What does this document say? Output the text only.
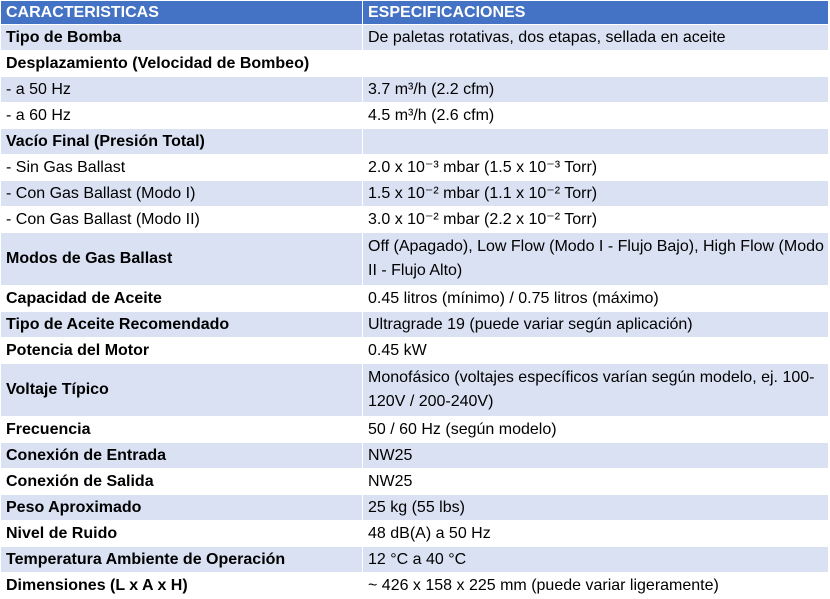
CARACTERISTICAS	ESPECIFICACIONES
Tipo de Bomba	De paletas rotativas, dos etapas, sellada en aceite
Desplazamiento (Velocidad de Bombeo)	
- a 50 Hz	3.7 m³/h (2.2 cfm)
- a 60 Hz	4.5 m³/h (2.6 cfm)
Vacío Final (Presión Total)	
- Sin Gas Ballast	2.0 x 10⁻³ mbar (1.5 x 10⁻³ Torr)
- Con Gas Ballast (Modo I)	1.5 x 10⁻² mbar (1.1 x 10⁻² Torr)
- Con Gas Ballast (Modo II)	3.0 x 10⁻² mbar (2.2 x 10⁻² Torr)
Modos de Gas Ballast	Off (Apagado), Low Flow (Modo I - Flujo Bajo), High Flow (Modo II - Flujo Alto)
Capacidad de Aceite	0.45 litros (mínimo) / 0.75 litros (máximo)
Tipo de Aceite Recomendado	Ultragrade 19 (puede variar según aplicación)
Potencia del Motor	0.45 kW
Voltaje Típico	Monofásico (voltajes específicos varían según modelo, ej. 100-120V / 200-240V)
Frecuencia	50 / 60 Hz (según modelo)
Conexión de Entrada	NW25
Conexión de Salida	NW25
Peso Aproximado	25 kg (55 lbs)
Nivel de Ruido	48 dB(A) a 50 Hz
Temperatura Ambiente de Operación	12 °C a 40 °C
Dimensiones (L x A x H)	~ 426 x 158 x 225 mm (puede variar ligeramente)
